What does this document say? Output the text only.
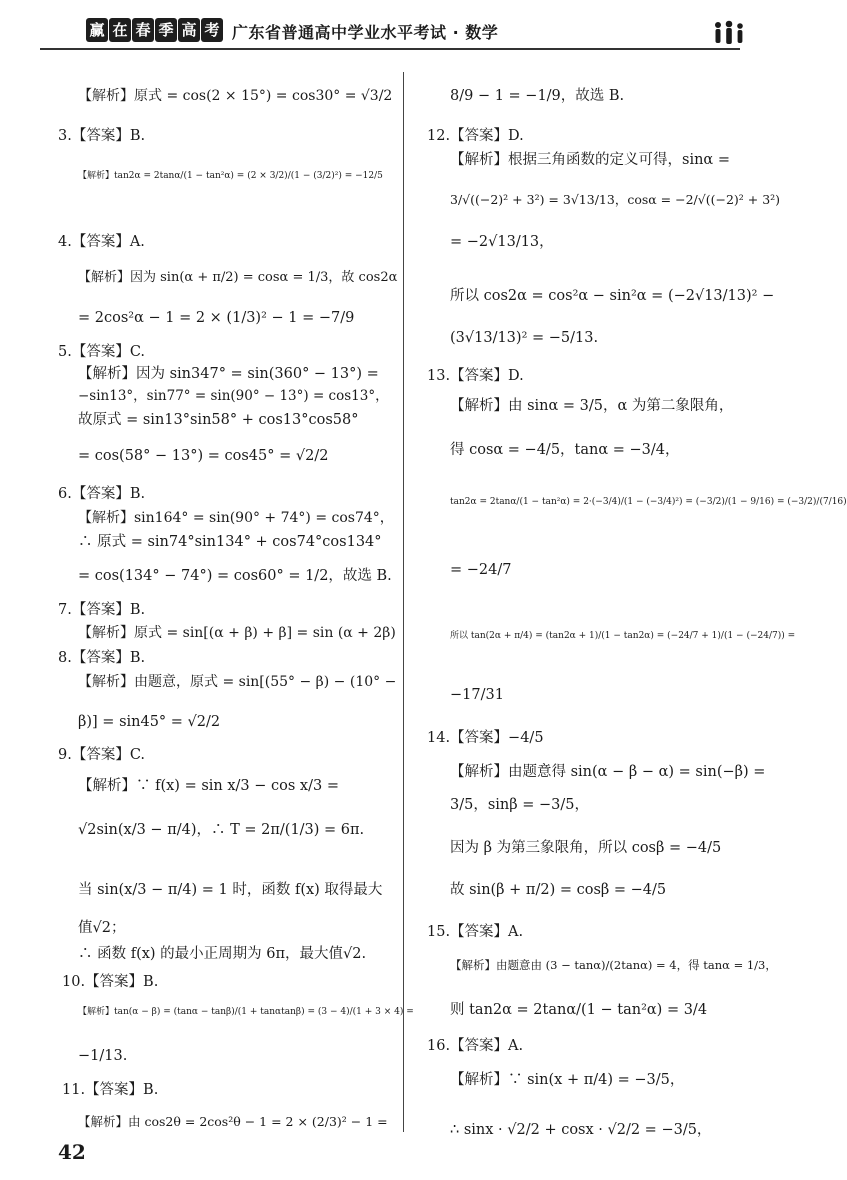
赢 在 春 季 高 考 广东省普通高中学业水平考试 · 数学
【解析】原式 = cos(2 × 15°) = cos30° = √3/2
3.【答案】B.
【解析】tan2α = 2tanα/(1 − tan²α) = (2 × 3/2)/(1 − (3/2)²) = −12/5
4.【答案】A.
【解析】因为 sin(α + π/2) = cosα = 1/3，故 cos2α
= 2cos²α − 1 = 2 × (1/3)² − 1 = −7/9
5.【答案】C.
【解析】因为 sin347° = sin(360° − 13°) =
−sin13°，sin77° = sin(90° − 13°) = cos13°，
故原式 = sin13°sin58° + cos13°cos58°
= cos(58° − 13°) = cos45° = √2/2
6.【答案】B.
【解析】sin164° = sin(90° + 74°) = cos74°，
∴ 原式 = sin74°sin134° + cos74°cos134°
= cos(134° − 74°) = cos60° = 1/2，故选 B.
7.【答案】B.
【解析】原式 = sin[(α + β) + β] = sin (α + 2β)
8.【答案】B.
【解析】由题意，原式 = sin[(55° − β) − (10° −
β)] = sin45° = √2/2
9.【答案】C.
【解析】∵ f(x) = sin x/3 − cos x/3 =
√2sin(x/3 − π/4)，∴ T = 2π/(1/3) = 6π.
当 sin(x/3 − π/4) = 1 时，函数 f(x) 取得最大
值√2；
∴ 函数 f(x) 的最小正周期为 6π，最大值√2.
10.【答案】B.
【解析】tan(α − β) = (tanα − tanβ)/(1 + tanαtanβ) = (3 − 4)/(1 + 3 × 4) =
−1/13.
11.【答案】B.
【解析】由 cos2θ = 2cos²θ − 1 = 2 × (2/3)² − 1 =
8/9 − 1 = −1/9，故选 B.
12.【答案】D.
【解析】根据三角函数的定义可得，sinα =
3/√((−2)² + 3²) = 3√13/13，cosα = −2/√((−2)² + 3²)
= −2√13/13，
所以 cos2α = cos²α − sin²α = (−2√13/13)² −
(3√13/13)² = −5/13.
13.【答案】D.
【解析】由 sinα = 3/5，α 为第二象限角，
得 cosα = −4/5，tanα = −3/4，
tan2α = 2tanα/(1 − tan²α) = 2·(−3/4)/(1 − (−3/4)²) = (−3/2)/(1 − 9/16) = (−3/2)/(7/16)
= −24/7
所以 tan(2α + π/4) = (tan2α + 1)/(1 − tan2α) = (−24/7 + 1)/(1 − (−24/7)) =
−17/31
14.【答案】−4/5
【解析】由题意得 sin(α − β − α) = sin(−β) =
3/5，sinβ = −3/5，
因为 β 为第三象限角，所以 cosβ = −4/5
故 sin(β + π/2) = cosβ = −4/5
15.【答案】A.
【解析】由题意由 (3 − tanα)/(2tanα) = 4，得 tanα = 1/3，
则 tan2α = 2tanα/(1 − tan²α) = 3/4
16.【答案】A.
【解析】∵ sin(x + π/4) = −3/5，
∴ sinx · √2/2 + cosx · √2/2 = −3/5，
42
